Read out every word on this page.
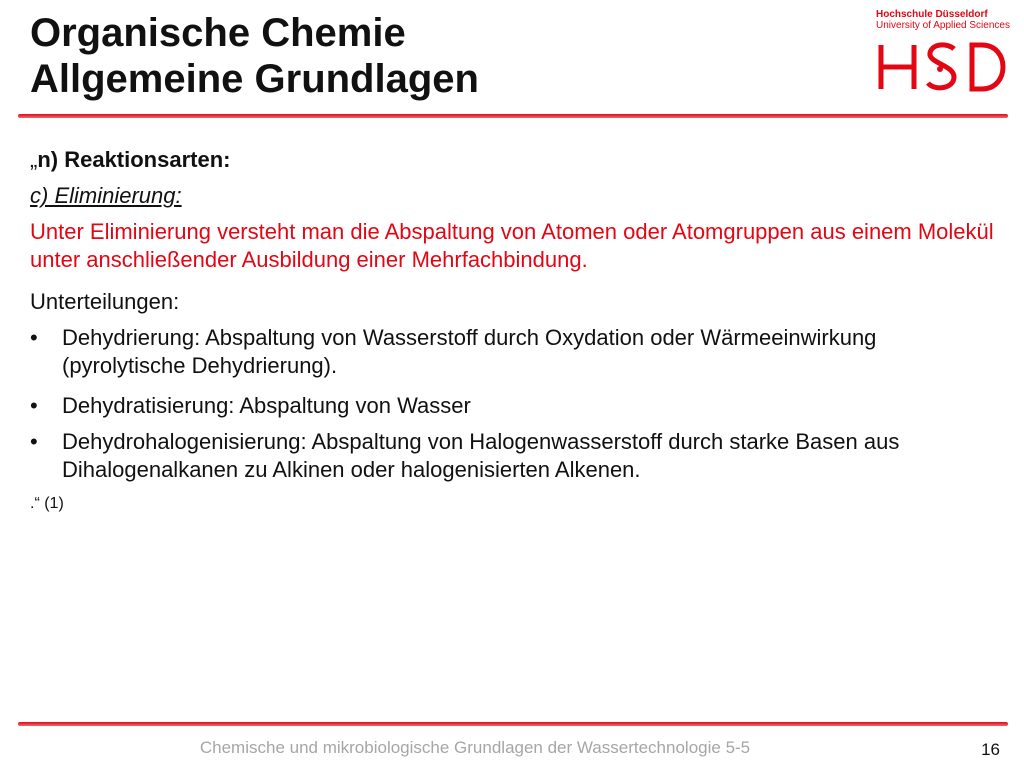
Organische Chemie
Allgemeine Grundlagen
Hochschule Düsseldorf
University of Applied Sciences

„n) Reaktionsarten:

c) Eliminierung:

Unter Eliminierung versteht man die Abspaltung von Atomen oder Atomgruppen aus einem Molekül unter anschließender Ausbildung einer Mehrfachbindung.

Unterteilungen:

• Dehydrierung: Abspaltung von Wasserstoff durch Oxydation oder Wärmeeinwirkung (pyrolytische Dehydrierung).
• Dehydratisierung: Abspaltung von Wasser
• Dehydrohalogenisierung: Abspaltung von Halogenwasserstoff durch starke Basen aus Dihalogenalkanen zu Alkinen oder halogenisierten Alkenen.
.“ (1)
Chemische und mikrobiologische Grundlagen der Wassertechnologie 5-5	16
